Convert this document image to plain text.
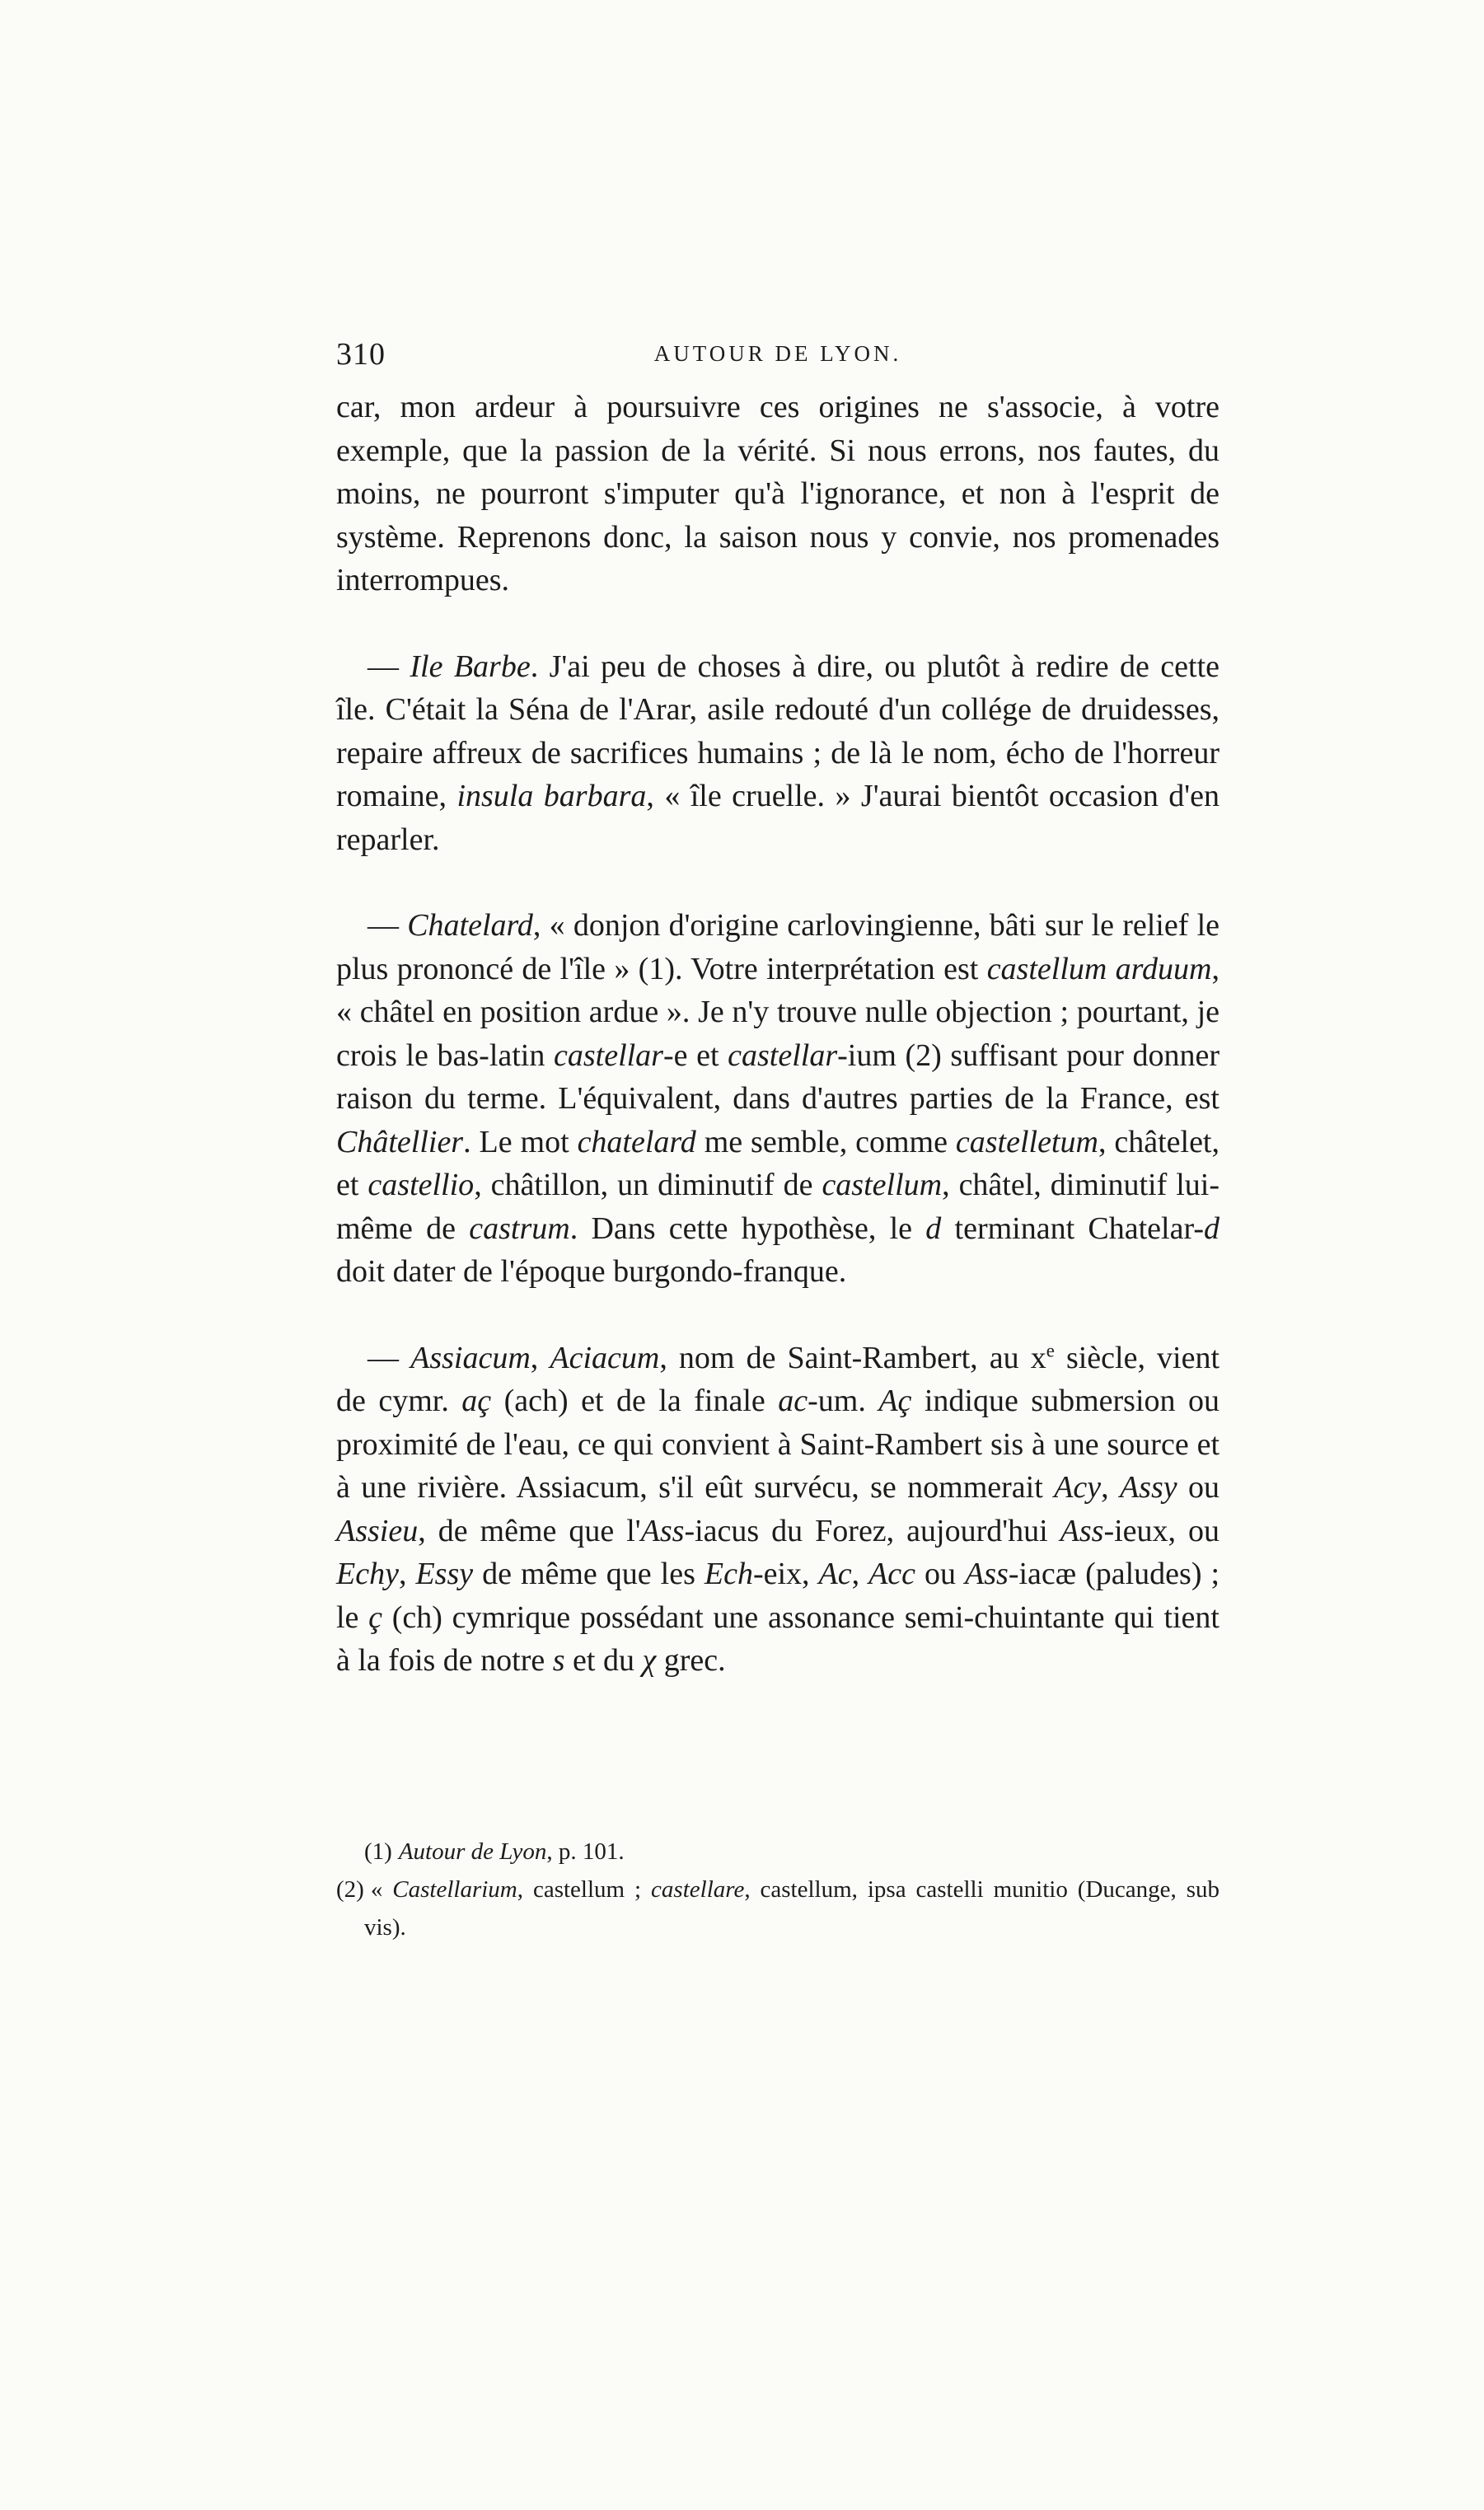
310	AUTOUR DE LYON.

car, mon ardeur à poursuivre ces origines ne s'associe, à votre exemple, que la passion de la vérité. Si nous errons, nos fautes, du moins, ne pourront s'imputer qu'à l'ignorance, et non à l'esprit de système. Reprenons donc, la saison nous y convie, nos promenades interrompues.

— Ile Barbe. J'ai peu de choses à dire, ou plutôt à redire de cette île. C'était la Séna de l'Arar, asile redouté d'un collége de druidesses, repaire affreux de sacrifices humains ; de là le nom, écho de l'horreur romaine, insula barbara, « île cruelle. » J'aurai bientôt occasion d'en reparler.

— Chatelard, « donjon d'origine carlovingienne, bâti sur le relief le plus prononcé de l'île » (1). Votre interprétation est castellum arduum, « châtel en position ardue ». Je n'y trouve nulle objection ; pourtant, je crois le bas-latin castellar-e et castellar-ium (2) suffisant pour donner raison du terme. L'équivalent, dans d'autres parties de la France, est Châtellier. Le mot chatelard me semble, comme castelletum, châtelet, et castellio, châtillon, un diminutif de castellum, châtel, diminutif lui-même de castrum. Dans cette hypothèse, le d terminant Chatelar-d doit dater de l'époque burgondo-franque.

— Assiacum, Aciacum, nom de Saint-Rambert, au $x^e$ siècle, vient de cymr. aç (ach) et de la finale ac-um. Aç indique submersion ou proximité de l'eau, ce qui convient à Saint-Rambert sis à une source et à une rivière. Assiacum, s'il eût survécu, se nommerait Acy, Assy ou Assieu, de même que l'Ass-iacus du Forez, aujourd'hui Ass-ieux, ou Echy, Essy de même que les Ech-eix, Ac, Acc ou Ass-iacæ (paludes) ; le ç (ch) cymrique possédant une assonance semi-chuintante qui tient à la fois de notre s et du χ grec.

(1) Autour de Lyon, p. 101.

(2) « Castellarium, castellum ; castellare, castellum, ipsa castelli munitio (Ducange, sub vis).
